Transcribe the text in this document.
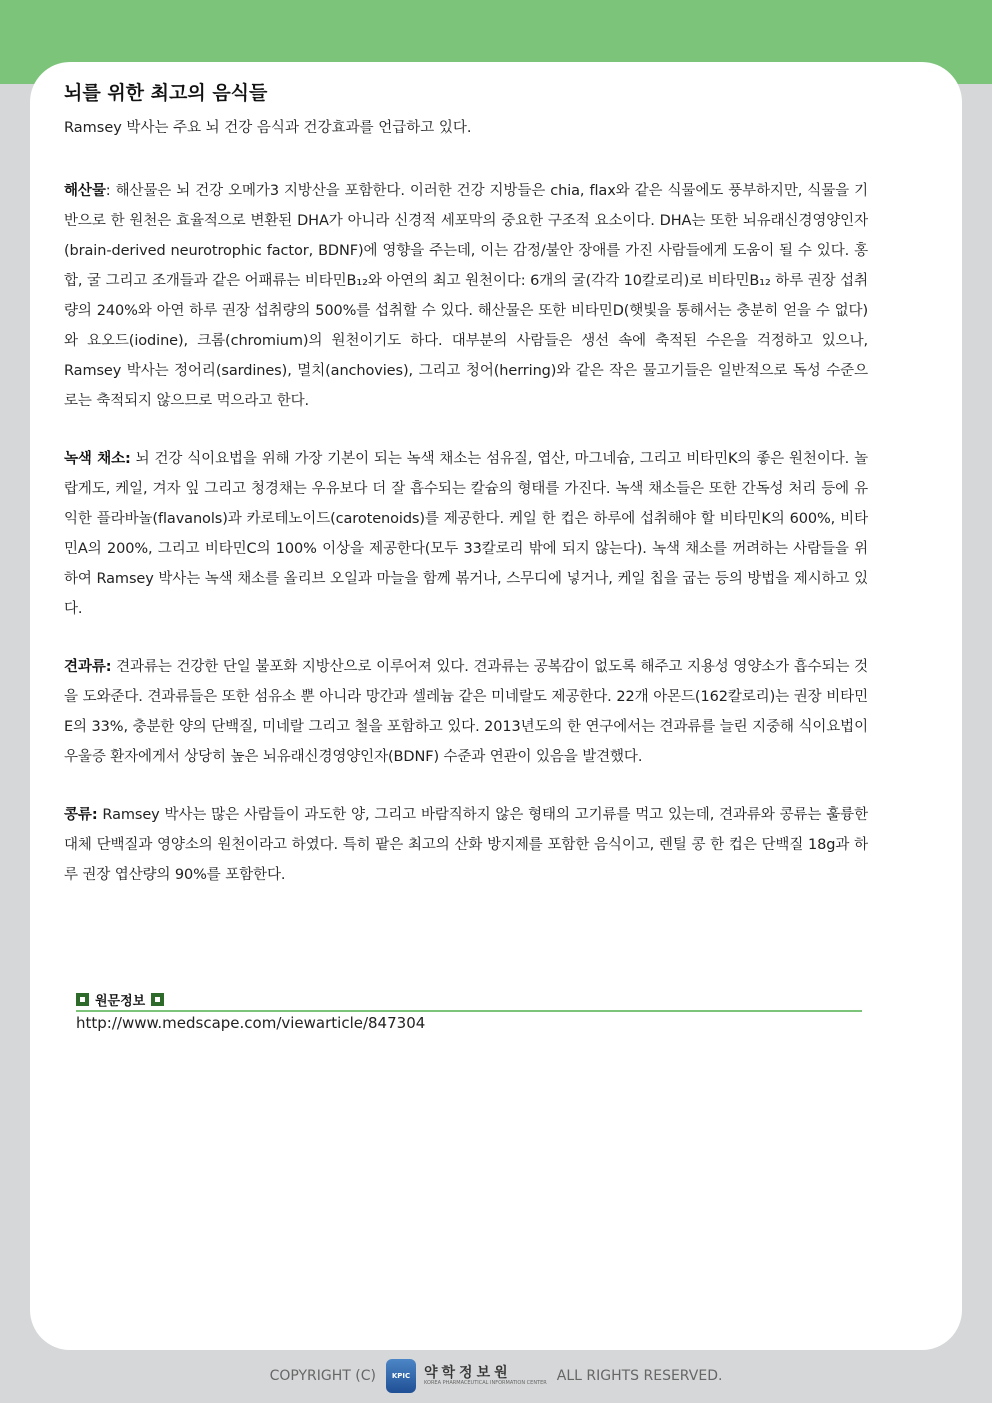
뇌를 위한 최고의 음식들

Ramsey 박사는 주요 뇌 건강 음식과 건강효과를 언급하고 있다.

해산물: 해산물은 뇌 건강 오메가3 지방산을 포함한다. 이러한 건강 지방들은 chia, flax와 같은 식물에도 풍부하지만, 식물을 기반으로 한 원천은 효율적으로 변환된 DHA가 아니라 신경적 세포막의 중요한 구조적 요소이다. DHA는 또한 뇌유래신경영양인자(brain-derived neurotrophic factor, BDNF)에 영향을 주는데, 이는 감정/불안 장애를 가진 사람들에게 도움이 될 수 있다. 홍합, 굴 그리고 조개들과 같은 어패류는 비타민B₁₂와 아연의 최고 원천이다: 6개의 굴(각각 10칼로리)로 비타민B₁₂ 하루 권장 섭취량의 240%와 아연 하루 권장 섭취량의 500%를 섭취할 수 있다. 해산물은 또한 비타민D(햇빛을 통해서는 충분히 얻을 수 없다)와 요오드(iodine), 크롬(chromium)의 원천이기도 하다. 대부분의 사람들은 생선 속에 축적된 수은을 걱정하고 있으나, Ramsey 박사는 정어리(sardines), 멸치(anchovies), 그리고 청어(herring)와 같은 작은 물고기들은 일반적으로 독성 수준으로는 축적되지 않으므로 먹으라고 한다.

녹색 채소: 뇌 건강 식이요법을 위해 가장 기본이 되는 녹색 채소는 섬유질, 엽산, 마그네슘, 그리고 비타민K의 좋은 원천이다. 놀랍게도, 케일, 겨자 잎 그리고 청경채는 우유보다 더 잘 흡수되는 칼슘의 형태를 가진다. 녹색 채소들은 또한 간독성 처리 등에 유익한 플라바놀(flavanols)과 카로테노이드(carotenoids)를 제공한다. 케일 한 컵은 하루에 섭취해야 할 비타민K의 600%, 비타민A의 200%, 그리고 비타민C의 100% 이상을 제공한다(모두 33칼로리 밖에 되지 않는다). 녹색 채소를 꺼려하는 사람들을 위하여 Ramsey 박사는 녹색 채소를 올리브 오일과 마늘을 함께 볶거나, 스무디에 넣거나, 케일 칩을 굽는 등의 방법을 제시하고 있다.

견과류: 견과류는 건강한 단일 불포화 지방산으로 이루어져 있다. 견과류는 공복감이 없도록 해주고 지용성 영양소가 흡수되는 것을 도와준다. 견과류들은 또한 섬유소 뿐 아니라 망간과 셀레늄 같은 미네랄도 제공한다. 22개 아몬드(162칼로리)는 권장 비타민E의 33%, 충분한 양의 단백질, 미네랄 그리고 철을 포함하고 있다. 2013년도의 한 연구에서는 견과류를 늘린 지중해 식이요법이 우울증 환자에게서 상당히 높은 뇌유래신경영양인자(BDNF) 수준과 연관이 있음을 발견했다.

콩류: Ramsey 박사는 많은 사람들이 과도한 양, 그리고 바람직하지 않은 형태의 고기류를 먹고 있는데, 견과류와 콩류는 훌륭한 대체 단백질과 영양소의 원천이라고 하였다. 특히 팥은 최고의 산화 방지제를 포함한 음식이고, 렌틸 콩 한 컵은 단백질 18g과 하루 권장 엽산량의 90%를 포함한다.

원문정보
http://www.medscape.com/viewarticle/847304
COPYRIGHT (C)	KPIC 약학정보원
KOREA PHARMACEUTICAL INFORMATION CENTER ALL RIGHTS RESERVED.
